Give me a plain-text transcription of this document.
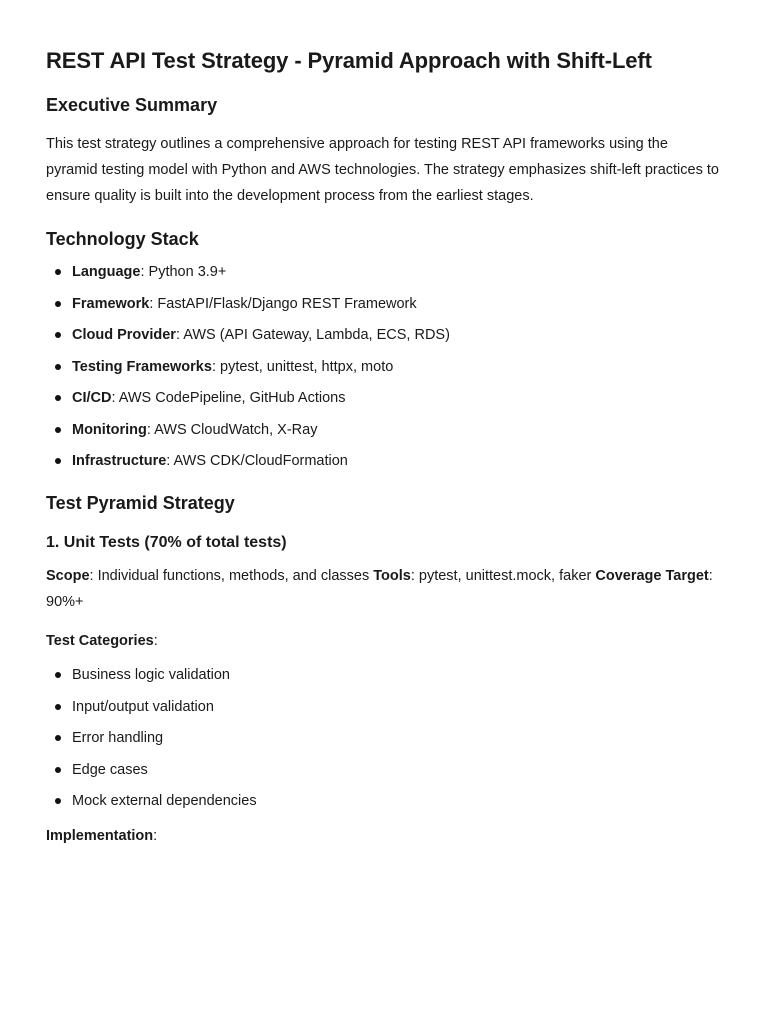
REST API Test Strategy - Pyramid Approach with Shift-Left
Executive Summary

This test strategy outlines a comprehensive approach for testing REST API frameworks using the pyramid testing model with Python and AWS technologies. The strategy emphasizes shift-left practices to ensure quality is built into the development process from the earliest stages.

Technology Stack
Language: Python 3.9+
Framework: FastAPI/Flask/Django REST Framework
Cloud Provider: AWS (API Gateway, Lambda, ECS, RDS)
Testing Frameworks: pytest, unittest, httpx, moto
CI/CD: AWS CodePipeline, GitHub Actions
Monitoring: AWS CloudWatch, X-Ray
Infrastructure: AWS CDK/CloudFormation
Test Pyramid Strategy
1. Unit Tests (70% of total tests)

Scope: Individual functions, methods, and classes Tools: pytest, unittest.mock, faker Coverage Target: 90%+

Test Categories:

Business logic validation
Input/output validation
Error handling
Edge cases
Mock external dependencies

Implementation:
